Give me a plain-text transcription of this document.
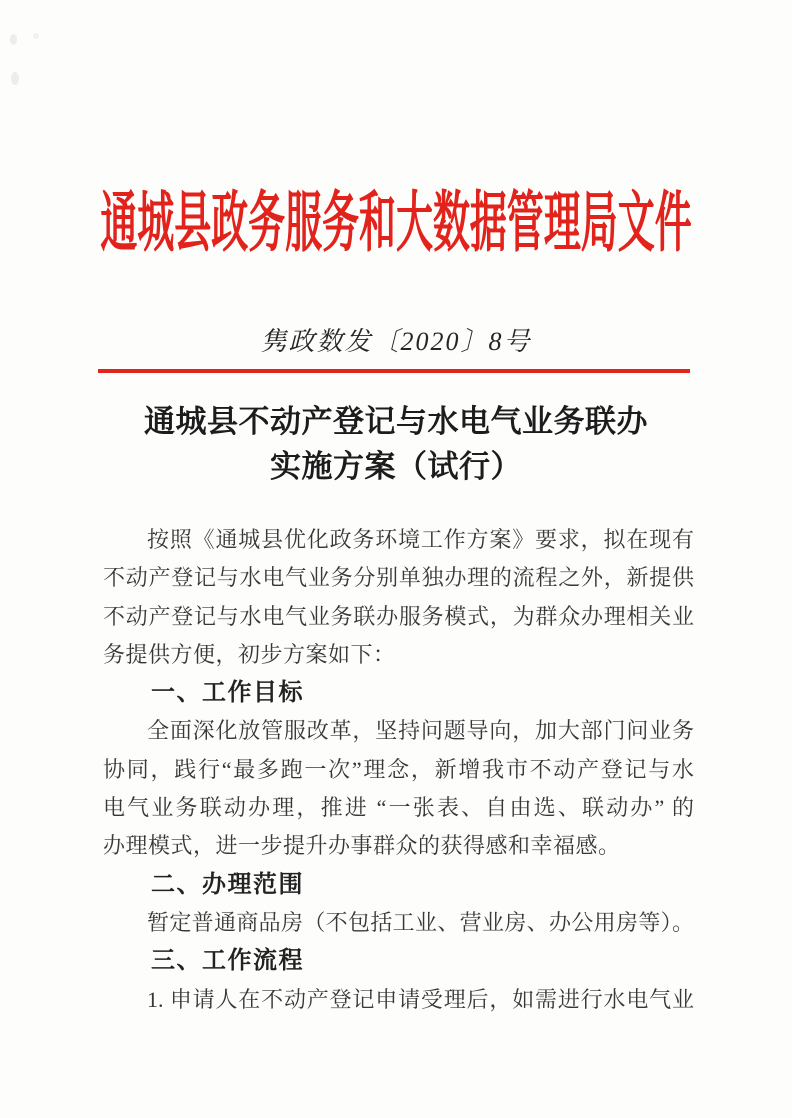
通城县政务服务和大数据管理局文件
隽政数发〔2020〕8号
通城县不动产登记与水电气业务联办
实施方案（试行）
按照《通城县优化政务环境工作方案》要求，拟在现有
不动产登记与水电气业务分别单独办理的流程之外，新提供
不动产登记与水电气业务联办服务模式，为群众办理相关业
务提供方便，初步方案如下：
一、工作目标
全面深化放管服改革，坚持问题导向，加大部门问业务
协同，践行“最多跑一次”理念，新增我市不动产登记与水
电气业务联动办理，推进 “一张表、自由选、联动办” 的
办理模式，进一步提升办事群众的获得感和幸福感。
二、办理范围
暂定普通商品房（不包括工业、营业房、办公用房等）。
三、工作流程
1. 申请人在不动产登记申请受理后，如需进行水电气业
